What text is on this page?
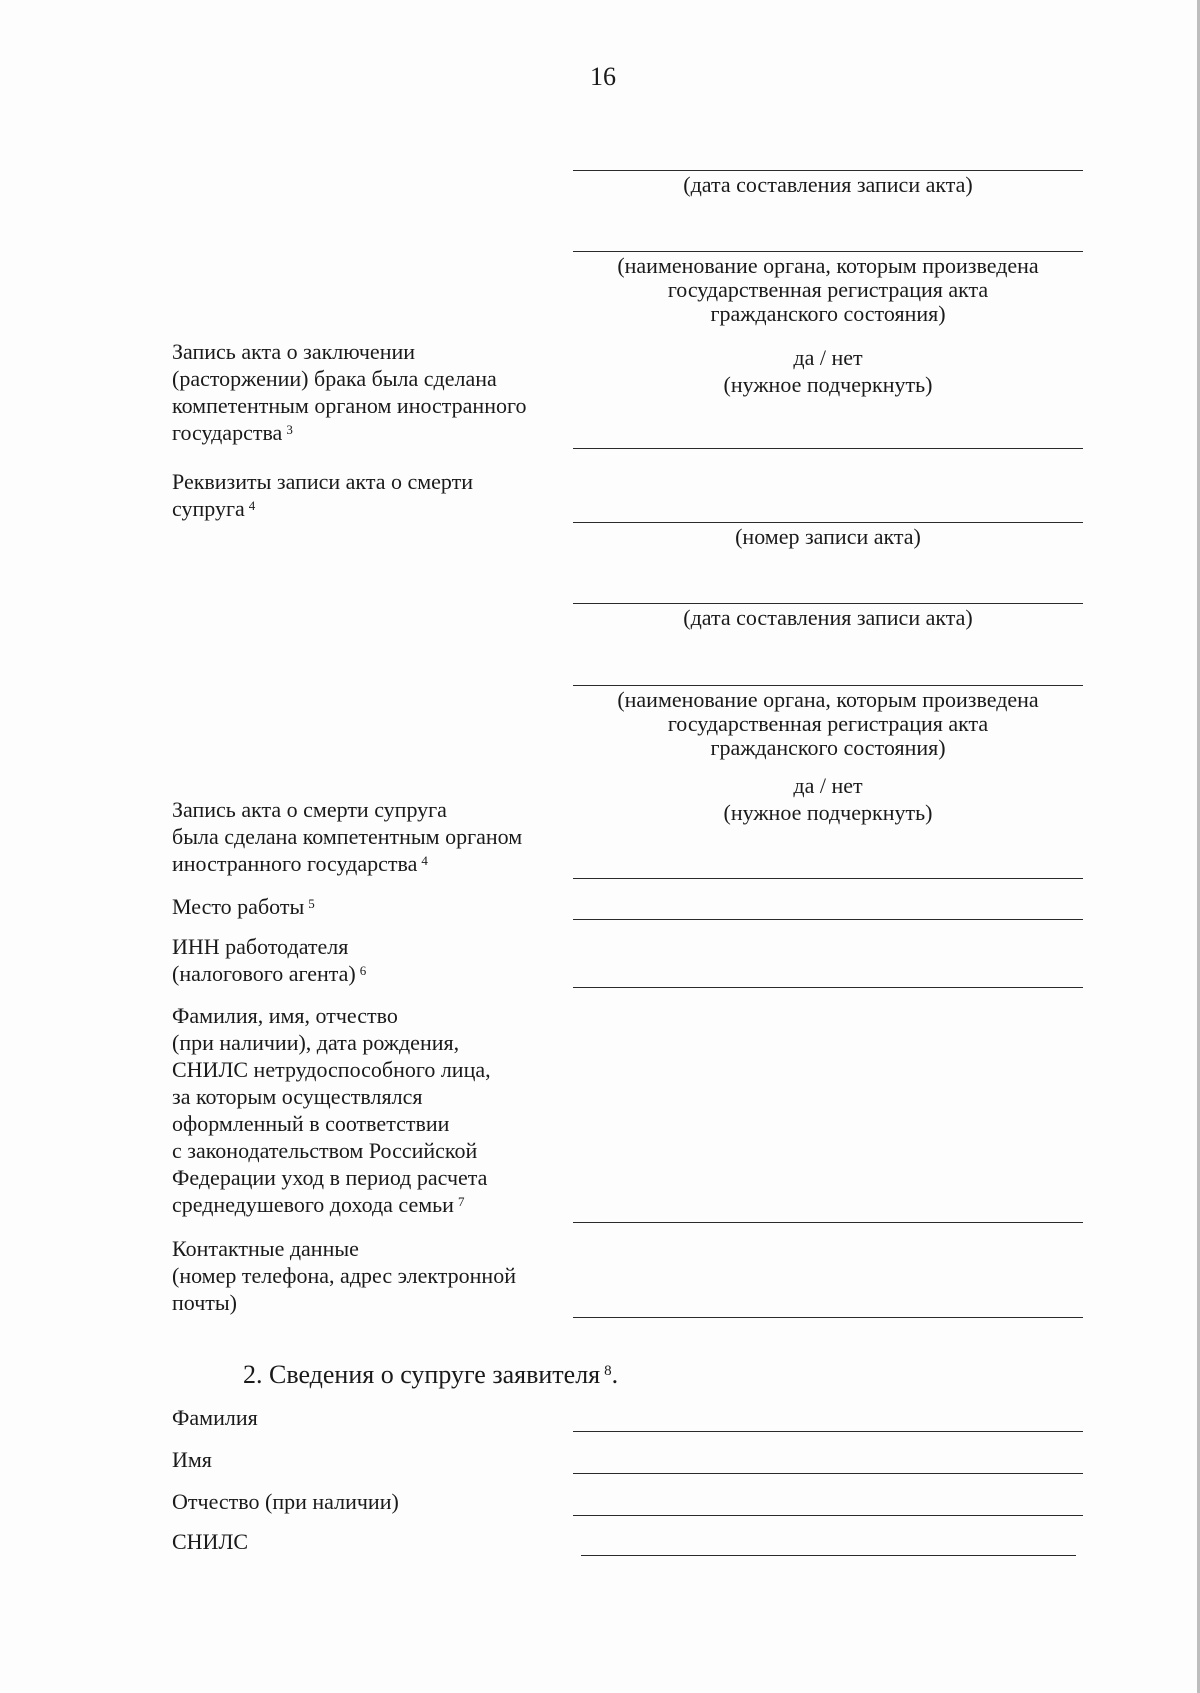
16
(дата составления записи акта)
(наименование органа, которым произведена
государственная регистрация акта
гражданского состояния)
Запись акта о заключении
(расторжении) брака была сделана
компетентным органом иностранного
государства $^3$
да / нет
(нужное подчеркнуть)
Реквизиты записи акта о смерти
супруга $^4$
(номер записи акта)
(дата составления записи акта)
(наименование органа, которым произведена
государственная регистрация акта
гражданского состояния)
да / нет
(нужное подчеркнуть)
Запись акта о смерти супруга
была сделана компетентным органом
иностранного государства $^4$
Место работы $^5$
ИНН работодателя
(налогового агента) $^6$
Фамилия, имя, отчество
(при наличии), дата рождения,
СНИЛС нетрудоспособного лица,
за которым осуществлялся
оформленный в соответствии
с законодательством Российской
Федерации уход в период расчета
среднедушевого дохода семьи $^7$
Контактные данные
(номер телефона, адрес электронной
почты)
2. Сведения о супруге заявителя $^8$.
Фамилия
Имя
Отчество (при наличии)
СНИЛС
